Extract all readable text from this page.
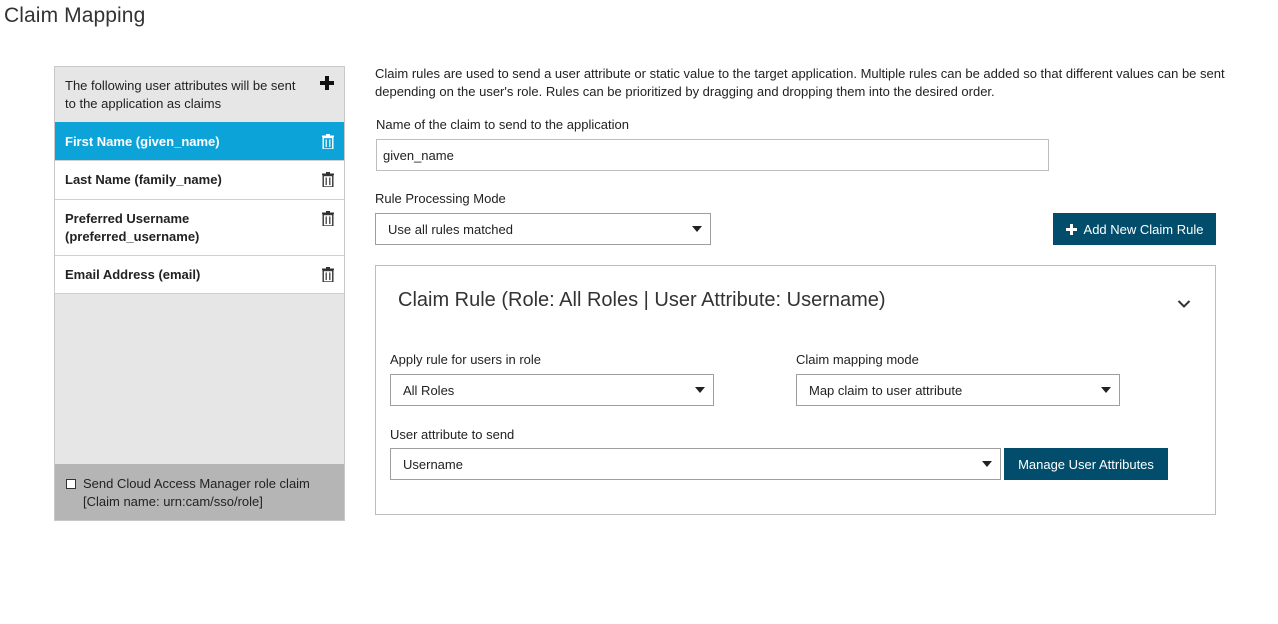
Claim Mapping
The following user attributes will be sent to the application as claims
First Name (given_name)
Last Name (family_name)
Preferred Username (preferred_username)
Email Address (email)
Send Cloud Access Manager role claim
[Claim name: urn:cam/sso/role]
Claim rules are used to send a user attribute or static value to the target application. Multiple rules can be added so that different values can be sent depending on the user's role. Rules can be prioritized by dragging and dropping them into the desired order.
Name of the claim to send to the application
given_name
Rule Processing Mode
Use all rules matched	Add New Claim Rule
Claim Rule (Role: All Roles | User Attribute: Username)
Apply rule for users in role
All Roles
Claim mapping mode
Map claim to user attribute
User attribute to send
Username	Manage User Attributes
